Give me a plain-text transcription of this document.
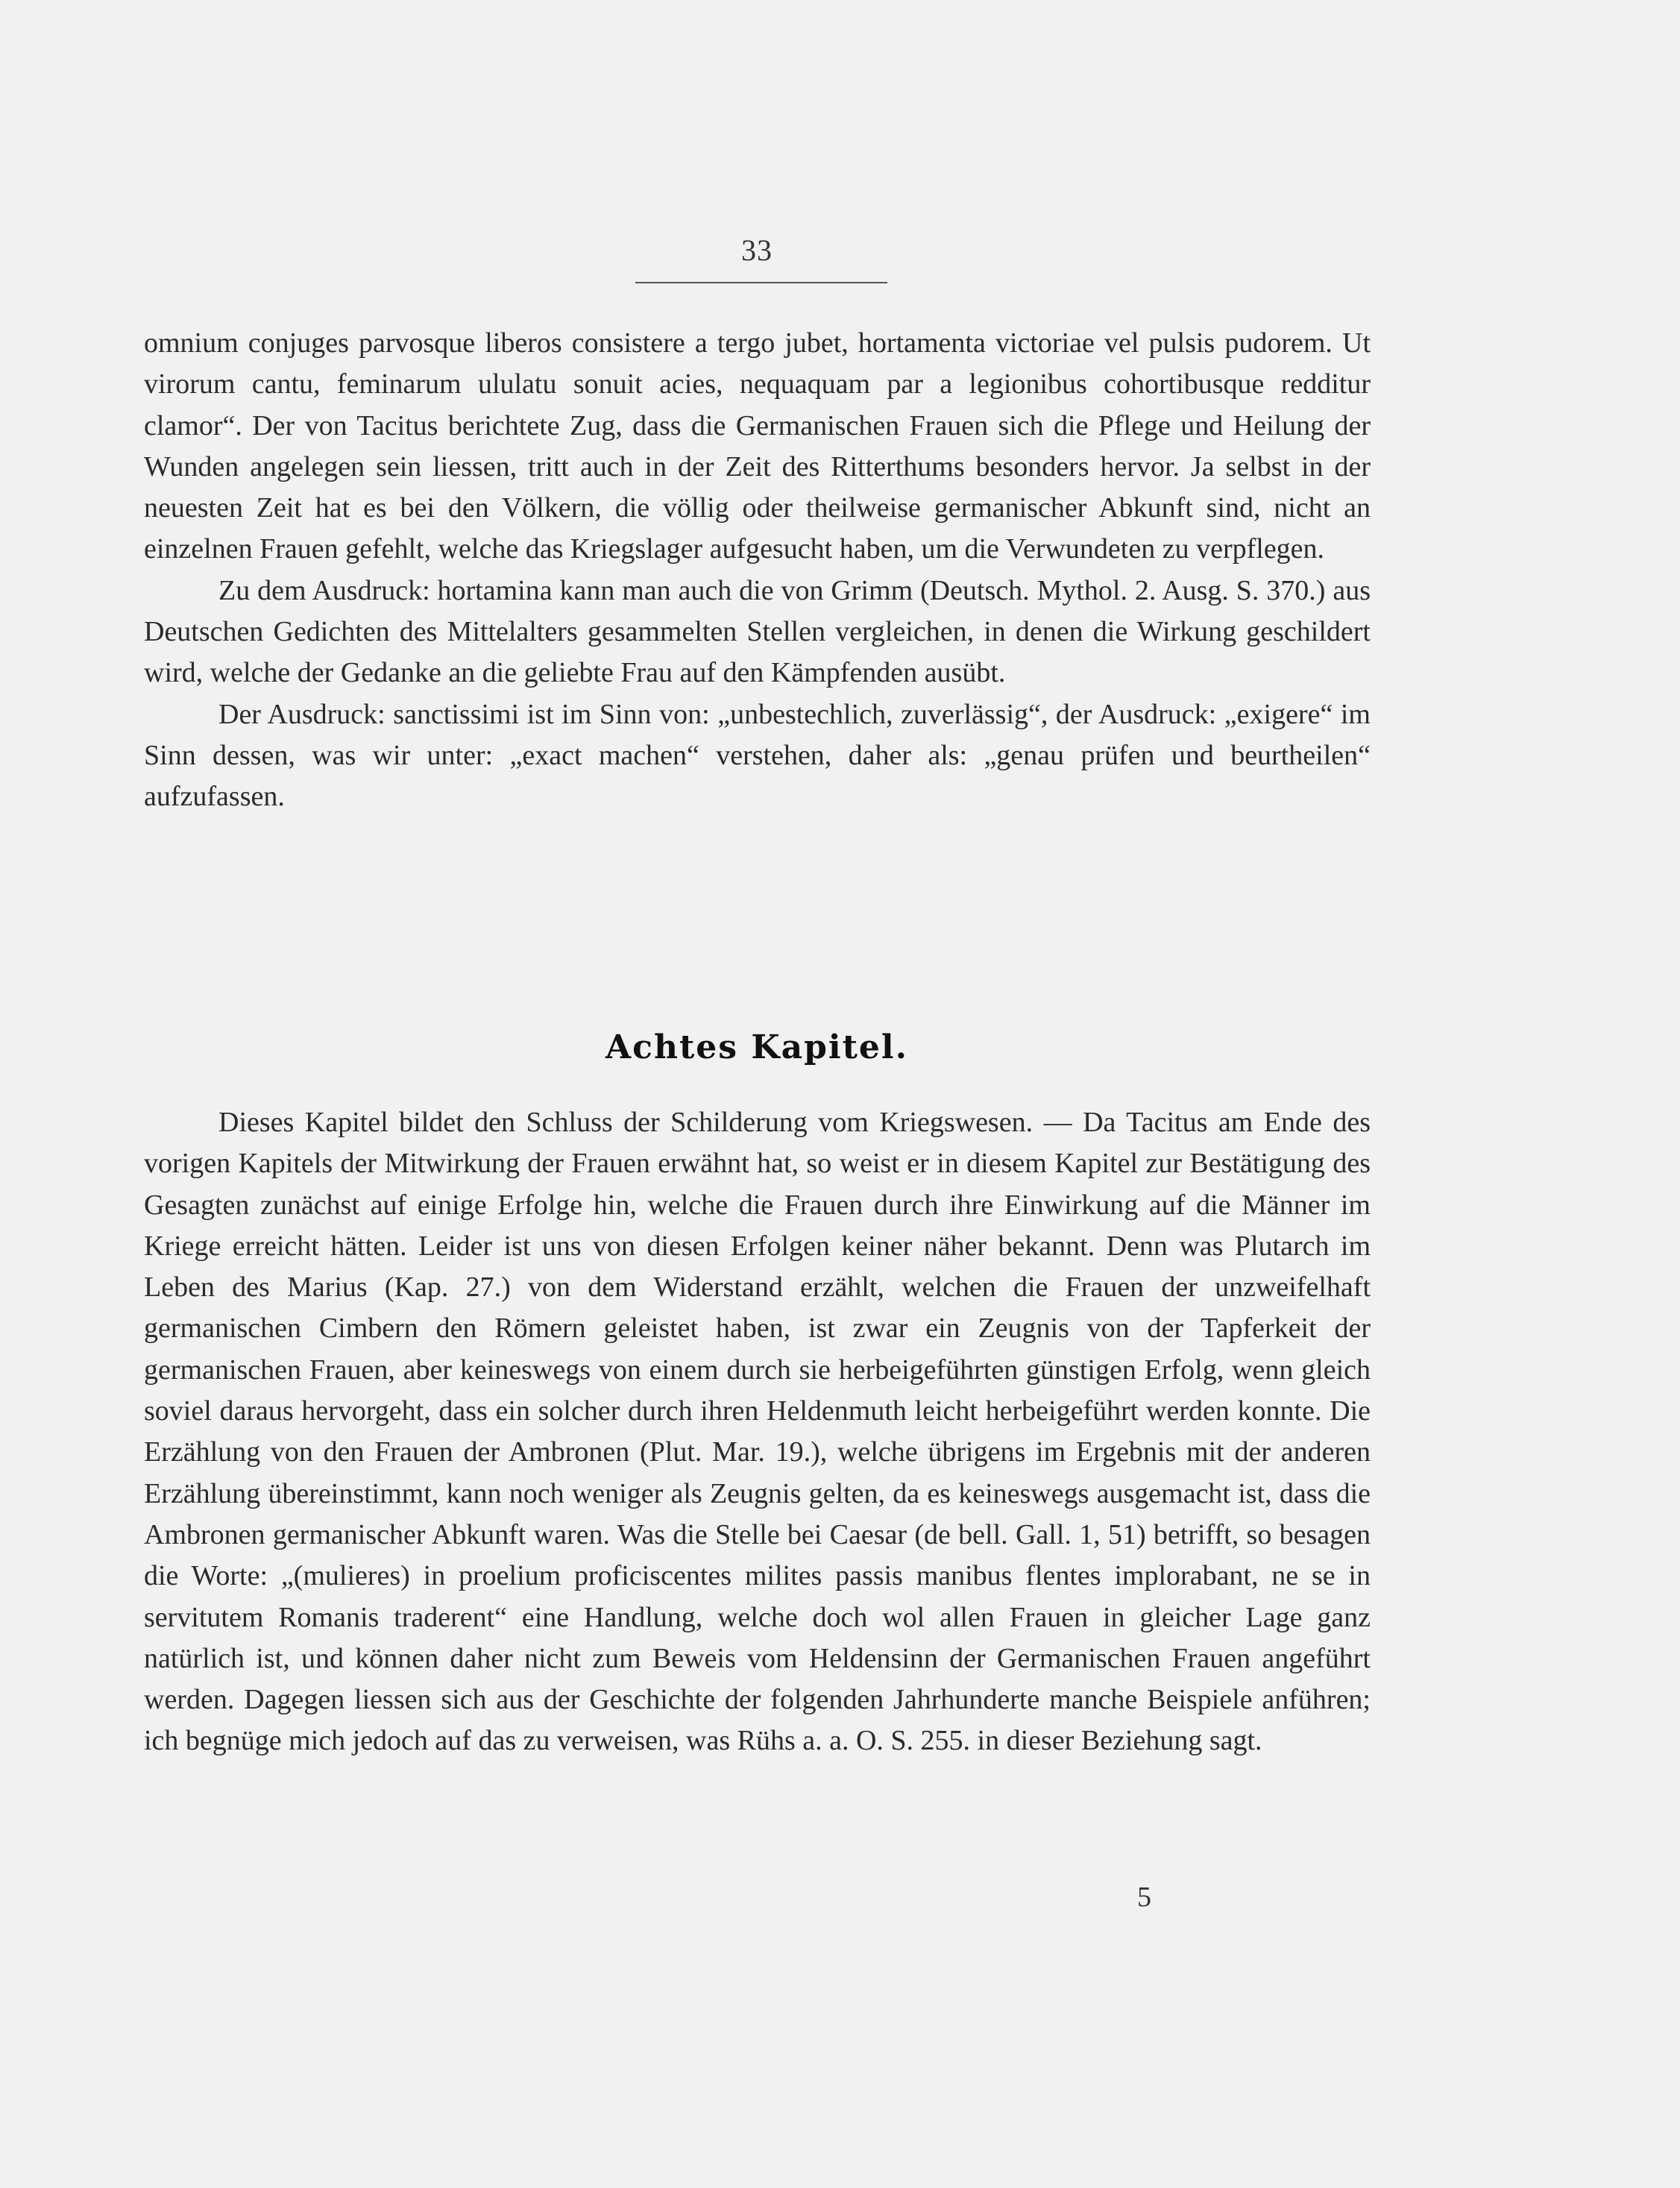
33

omnium conjuges parvosque liberos consistere a tergo jubet, hortamenta victoriae vel pulsis pudorem. Ut virorum cantu, feminarum ululatu sonuit acies, nequaquam par a legionibus cohortibusque redditur clamor“. Der von Tacitus berichtete Zug, dass die Germanischen Frauen sich die Pflege und Heilung der Wunden angelegen sein liessen, tritt auch in der Zeit des Ritterthums besonders hervor. Ja selbst in der neuesten Zeit hat es bei den Völkern, die völlig oder theilweise germanischer Abkunft sind, nicht an einzelnen Frauen gefehlt, welche das Kriegslager aufgesucht haben, um die Verwundeten zu verpflegen.

Zu dem Ausdruck: hortamina kann man auch die von Grimm (Deutsch. Mythol. 2. Ausg. S. 370.) aus Deutschen Gedichten des Mittelalters gesammelten Stellen vergleichen, in denen die Wirkung geschildert wird, welche der Gedanke an die geliebte Frau auf den Kämpfenden ausübt.

Der Ausdruck: sanctissimi ist im Sinn von: „unbestechlich, zuverlässig“, der Ausdruck: „exigere“ im Sinn dessen, was wir unter: „exact machen“ verstehen, daher als: „genau prüfen und beurtheilen“ aufzufassen.

Achtes Kapitel.

Dieses Kapitel bildet den Schluss der Schilderung vom Kriegswesen. — Da Tacitus am Ende des vorigen Kapitels der Mitwirkung der Frauen erwähnt hat, so weist er in diesem Kapitel zur Bestätigung des Gesagten zunächst auf einige Erfolge hin, welche die Frauen durch ihre Einwirkung auf die Männer im Kriege erreicht hätten. Leider ist uns von diesen Erfolgen keiner näher bekannt. Denn was Plutarch im Leben des Marius (Kap. 27.) von dem Widerstand erzählt, welchen die Frauen der unzweifelhaft germanischen Cimbern den Römern geleistet haben, ist zwar ein Zeugnis von der Tapferkeit der germanischen Frauen, aber keineswegs von einem durch sie herbeigeführten günstigen Erfolg, wenn gleich soviel daraus hervorgeht, dass ein solcher durch ihren Heldenmuth leicht herbeigeführt werden konnte. Die Erzählung von den Frauen der Ambronen (Plut. Mar. 19.), welche übrigens im Ergebnis mit der anderen Erzählung übereinstimmt, kann noch weniger als Zeugnis gelten, da es keineswegs ausgemacht ist, dass die Ambronen germanischer Abkunft waren. Was die Stelle bei Caesar (de bell. Gall. 1, 51) betrifft, so besagen die Worte: „(mulieres) in proelium proficiscentes milites passis manibus flentes implorabant, ne se in servitutem Romanis traderent“ eine Handlung, welche doch wol allen Frauen in gleicher Lage ganz natürlich ist, und können daher nicht zum Beweis vom Heldensinn der Germanischen Frauen angeführt werden. Dagegen liessen sich aus der Geschichte der folgenden Jahrhunderte manche Beispiele anführen; ich begnüge mich jedoch auf das zu verweisen, was Rühs a. a. O. S. 255. in dieser Beziehung sagt.

5
